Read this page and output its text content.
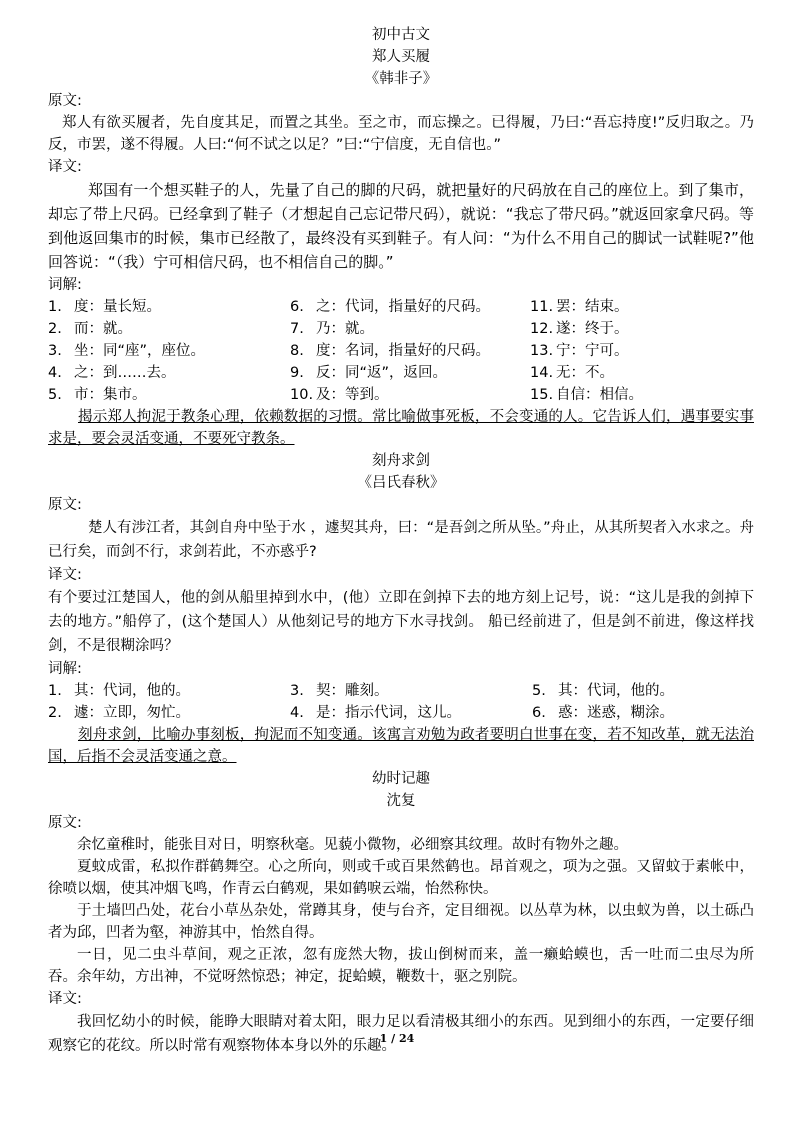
初中古文
郑人买履
《韩非子》
原文:
郑人有欲买履者，先自度其足，而置之其坐。至之市，而忘操之。已得履，乃曰:“吾忘持度!”反归取之。乃反，市罢，遂不得履。人曰:“何不试之以足？”曰:“宁信度，无自信也。”
译文:
郑国有一个想买鞋子的人，先量了自己的脚的尺码，就把量好的尺码放在自己的座位上。到了集市，却忘了带上尺码。已经拿到了鞋子（才想起自己忘记带尺码），就说：“我忘了带尺码。”就返回家拿尺码。等到他返回集市的时候，集市已经散了，最终没有买到鞋子。有人问：“为什么不用自己的脚试一试鞋呢?”他回答说：“（我）宁可相信尺码，也不相信自己的脚。”
词解:
1. 度：量长短。	6. 之：代词，指量好的尺码。	11. 罢：结束。
2. 而：就。	7. 乃：就。	12. 遂：终于。
3. 坐：同“座”，座位。	8. 度：名词，指量好的尺码。	13. 宁：宁可。
4. 之：到……去。	9. 反：同“返”，返回。	14. 无：不。
5. 市：集市。	10. 及：等到。	15. 自信：相信。
揭示郑人拘泥于教条心理，依赖数据的习惯。常比喻做事死板，不会变通的人。它告诉人们，遇事要实事求是，要会灵活变通，不要死守教条。
刻舟求剑
《吕氏春秋》
原文:
楚人有涉江者，其剑自舟中坠于水 ，遽契其舟，曰：“是吾剑之所从坠。”舟止，从其所契者入水求之。舟已行矣，而剑不行，求剑若此，不亦惑乎?
译文:
有个要过江楚国人，他的剑从船里掉到水中，(他）立即在剑掉下去的地方刻上记号，说：“这儿是我的剑掉下去的地方。”船停了，(这个楚国人）从他刻记号的地方下水寻找剑。 船已经前进了，但是剑不前进，像这样找剑，不是很糊涂吗？
词解:
1. 其：代词，他的。	3. 契：雕刻。	5. 其：代词，他的。
2. 遽：立即，匆忙。	4. 是：指示代词，这儿。	6. 惑：迷惑，糊涂。
刻舟求剑，比喻办事刻板，拘泥而不知变通。该寓言劝勉为政者要明白世事在变，若不知改革，就无法治国，后指不会灵活变通之意。
幼时记趣
沈复
原文:
余忆童稚时，能张目对日，明察秋毫。见藐小微物，必细察其纹理。故时有物外之趣。
夏蚊成雷，私拟作群鹤舞空。心之所向，则或千或百果然鹤也。昂首观之，项为之强。又留蚊于素帐中，徐喷以烟，使其冲烟飞鸣，作青云白鹤观，果如鹤唳云端，怡然称快。
于土墙凹凸处，花台小草丛杂处，常蹲其身，使与台齐，定目细视。以丛草为林，以虫蚁为兽，以土砾凸者为邱，凹者为壑，神游其中，怡然自得。
一日，见二虫斗草间，观之正浓，忽有庞然大物，拔山倒树而来，盖一癞蛤蟆也，舌一吐而二虫尽为所吞。余年幼，方出神，不觉呀然惊恐；神定，捉蛤蟆，鞭数十，驱之别院。
译文:
我回忆幼小的时候，能睁大眼睛对着太阳，眼力足以看清极其细小的东西。见到细小的东西，一定要仔细观察它的花纹。所以时常有观察物体本身以外的乐趣。
1 / 24
